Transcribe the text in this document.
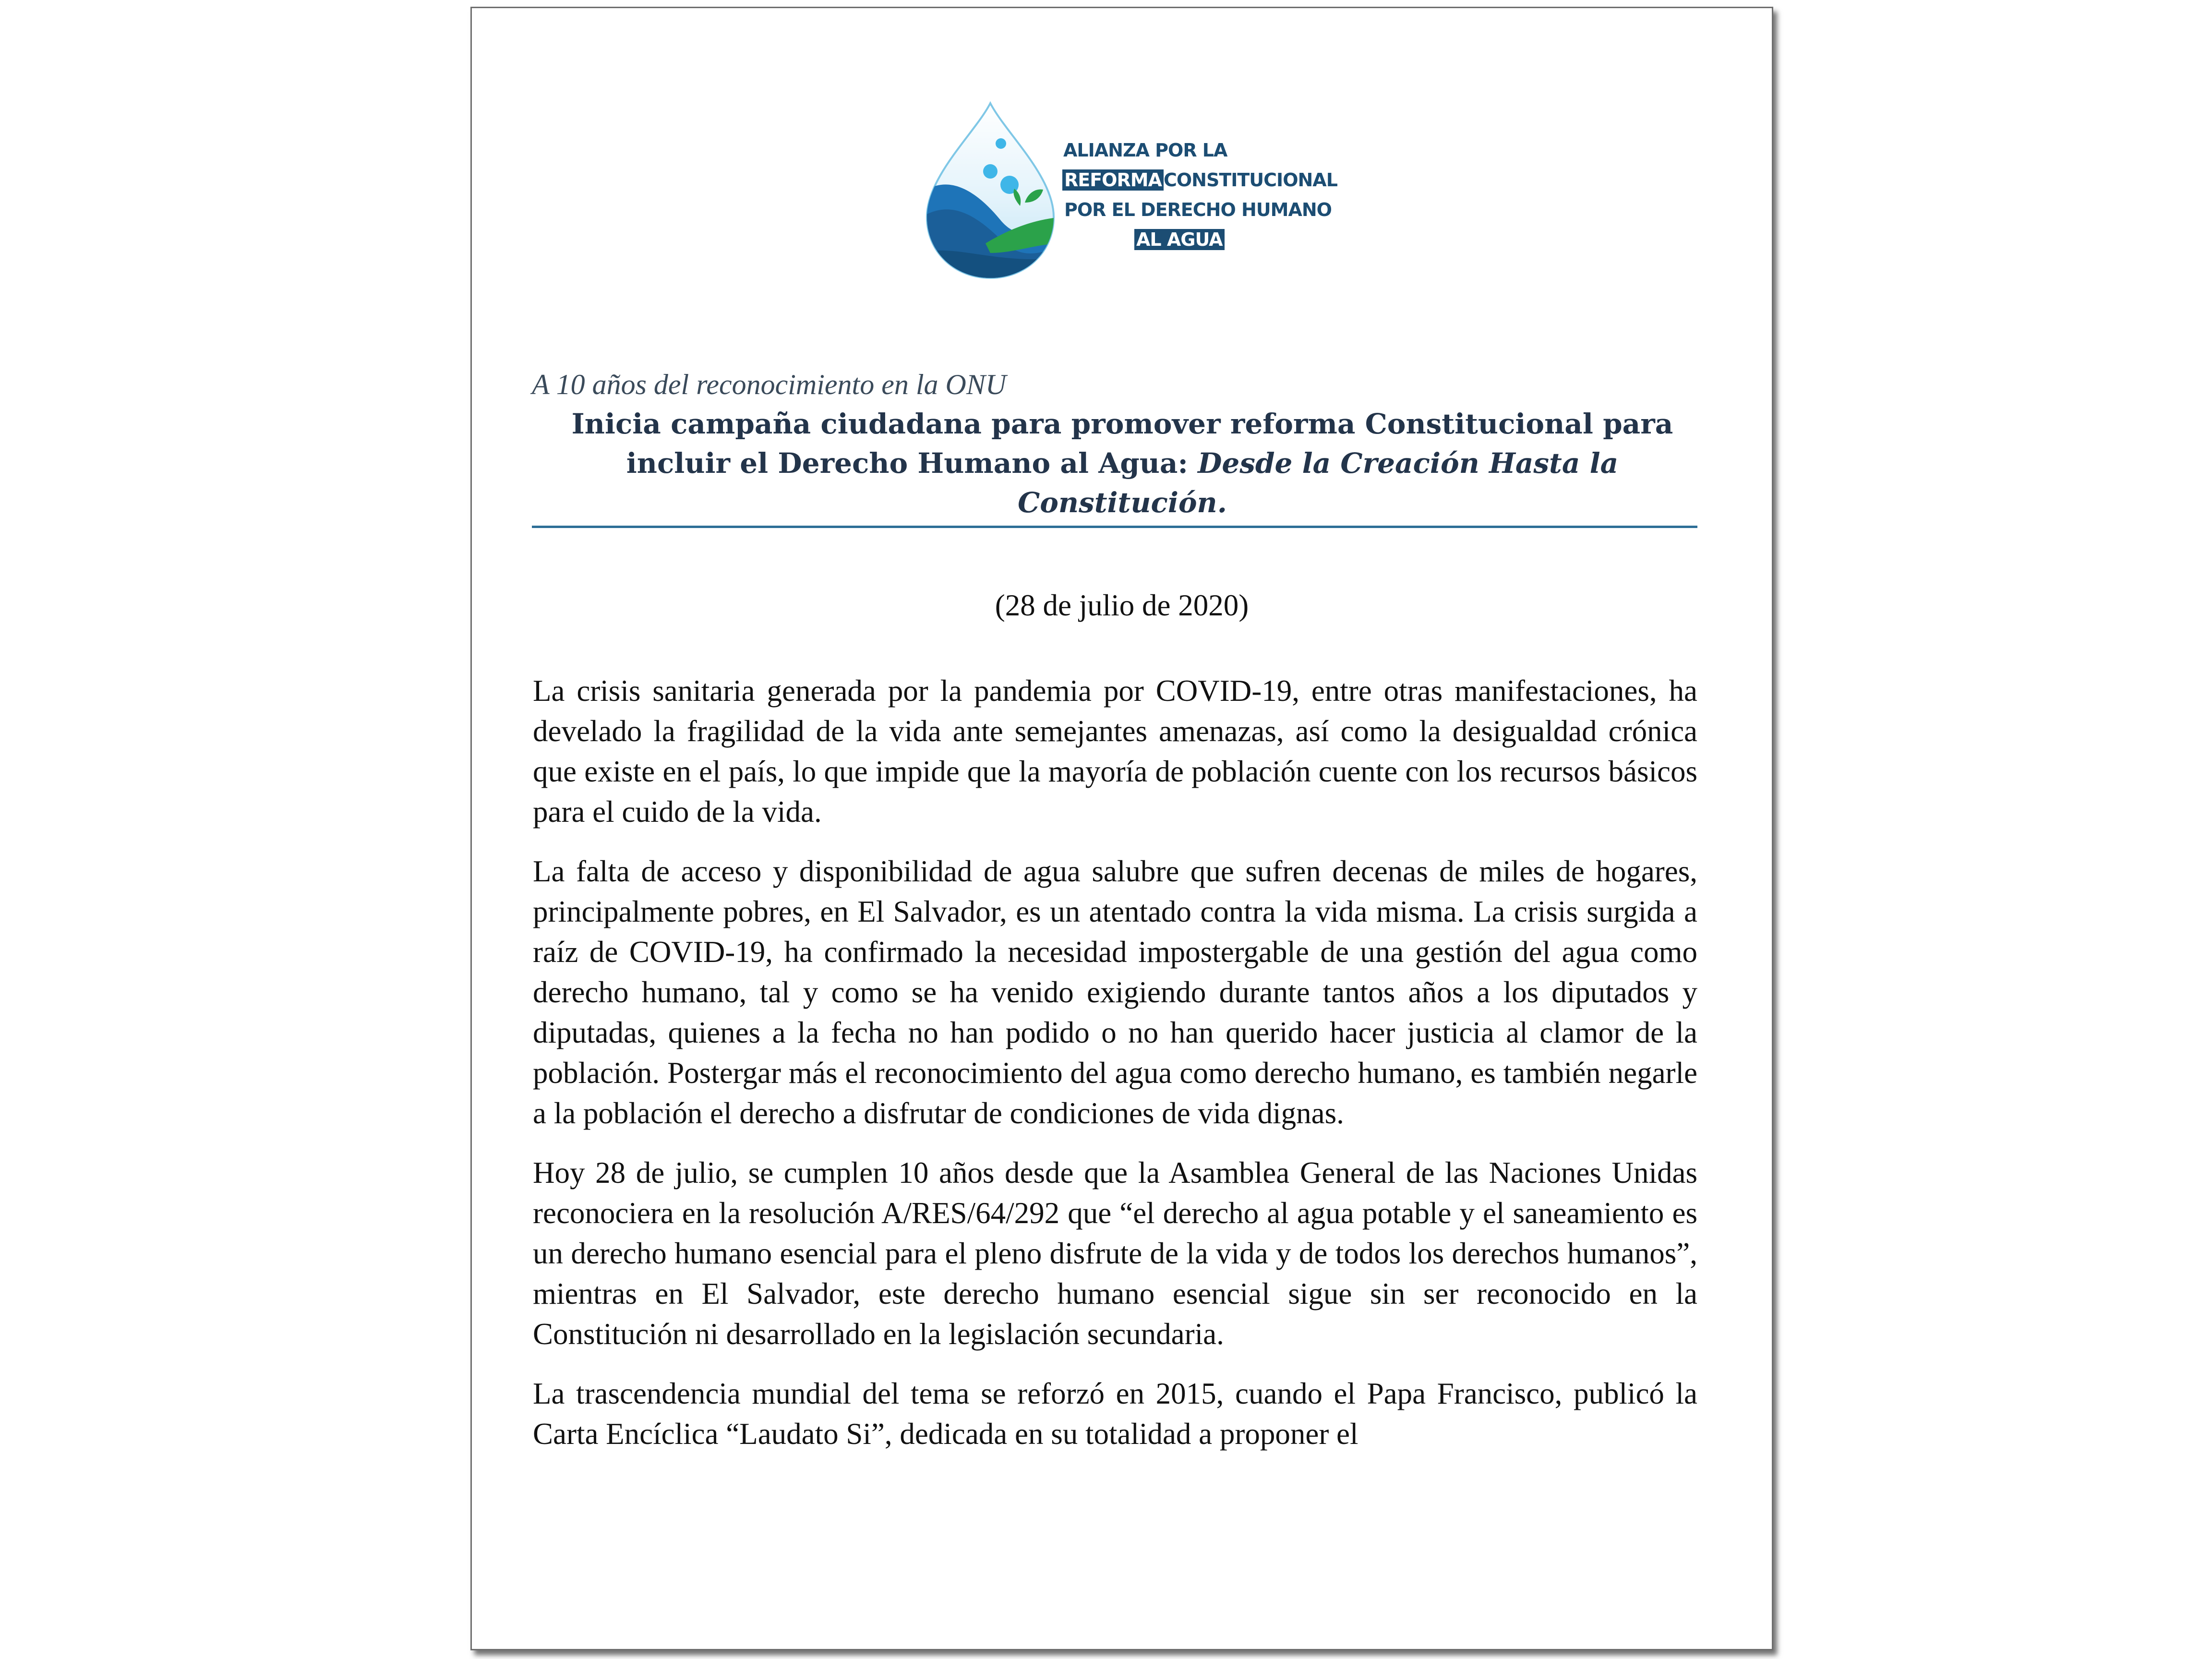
ALIANZA POR LA
REFORMA CONSTITUCIONAL
POR EL DERECHO HUMANO
AL AGUA
A 10 años del reconocimiento en la ONU
Inicia campaña ciudadana para promover reforma Constitucional para incluir el Derecho Humano al Agua: Desde la Creación Hasta la Constitución.
(28 de julio de 2020)

La crisis sanitaria generada por la pandemia por COVID-19, entre otras manifestaciones, ha develado la fragilidad de la vida ante semejantes amenazas, así como la desigualdad crónica que existe en el país, lo que impide que la mayoría de población cuente con los recursos básicos para el cuido de la vida.

La falta de acceso y disponibilidad de agua salubre que sufren decenas de miles de hogares, principalmente pobres, en El Salvador, es un atentado contra la vida misma. La crisis surgida a raíz de COVID-19, ha confirmado la necesidad impostergable de una gestión del agua como derecho humano, tal y como se ha venido exigiendo durante tantos años a los diputados y diputadas, quienes a la fecha no han podido o no han querido hacer justicia al clamor de la población. Postergar más el reconocimiento del agua como derecho humano, es también negarle a la población el derecho a disfrutar de condiciones de vida dignas.

Hoy 28 de julio, se cumplen 10 años desde que la Asamblea General de las Naciones Unidas reconociera en la resolución A/RES/64/292 que “el derecho al agua potable y el saneamiento es un derecho humano esencial para el pleno disfrute de la vida y de todos los derechos humanos”, mientras en El Salvador, este derecho humano esencial sigue sin ser reconocido en la Constitución ni desarrollado en la legislación secundaria.

La trascendencia mundial del tema se reforzó en 2015, cuando el Papa Francisco, publicó la Carta Encíclica “Laudato Si”, dedicada en su totalidad a proponer el
